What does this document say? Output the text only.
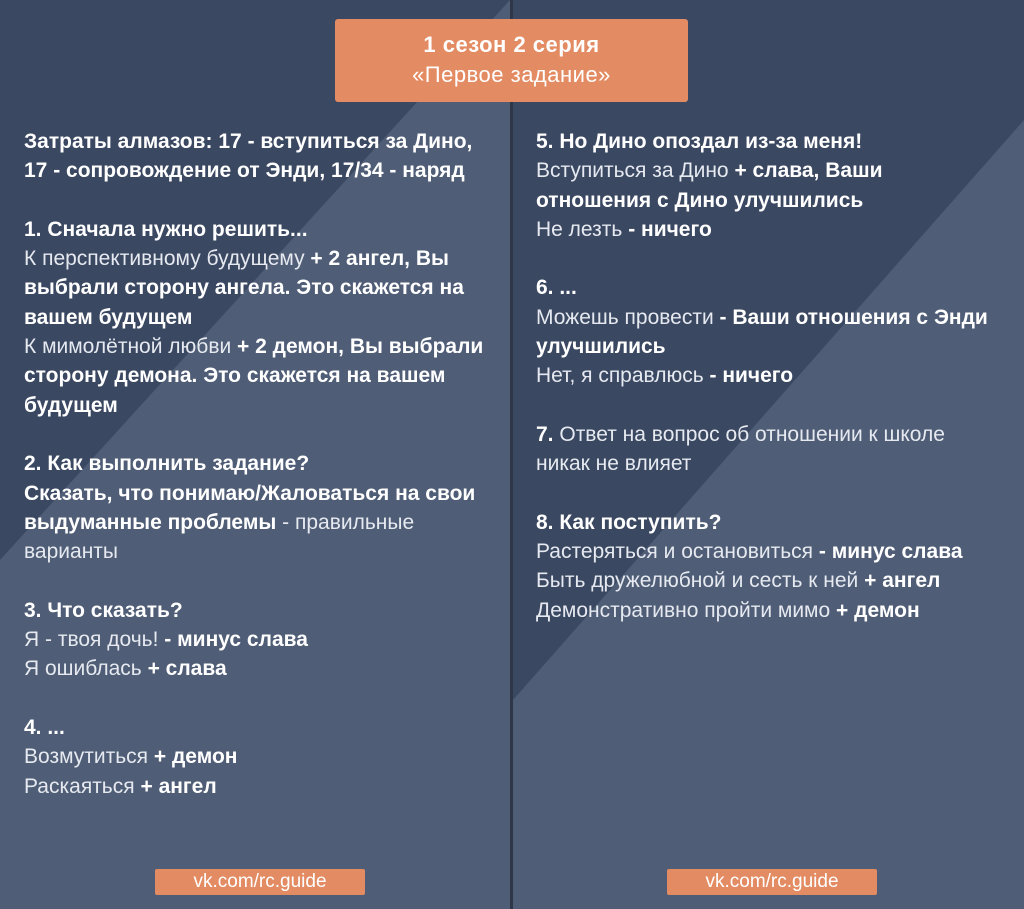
1 сезон 2 серия
«Первое задание»
Затраты алмазов: 17 - вступиться за Дино,
17 - сопровождение от Энди, 17/34 - наряд
1. Сначала нужно решить...
К перспективному будущему + 2 ангел, Вы
выбрали сторону ангела. Это скажется на
вашем будущем
К мимолётной любви + 2 демон, Вы выбрали
сторону демона. Это скажется на вашем
будущем
2. Как выполнить задание?
Сказать, что понимаю/Жаловаться на свои
выдуманные проблемы - правильные
варианты
3. Что сказать?
Я - твоя дочь! - минус слава
Я ошиблась + слава
4. ...
Возмутиться + демон
Раскаяться + ангел
5. Но Дино опоздал из-за меня!
Вступиться за Дино + слава, Ваши
отношения с Дино улучшились
Не лезть - ничего
6. ...
Можешь провести - Ваши отношения с Энди
улучшились
Нет, я справлюсь - ничего
7. Ответ на вопрос об отношении к школе
никак не влияет
8. Как поступить?
Растеряться и остановиться - минус слава
Быть дружелюбной и сесть к ней + ангел
Демонстративно пройти мимо + демон
vk.com/rc.guide	vk.com/rc.guide
